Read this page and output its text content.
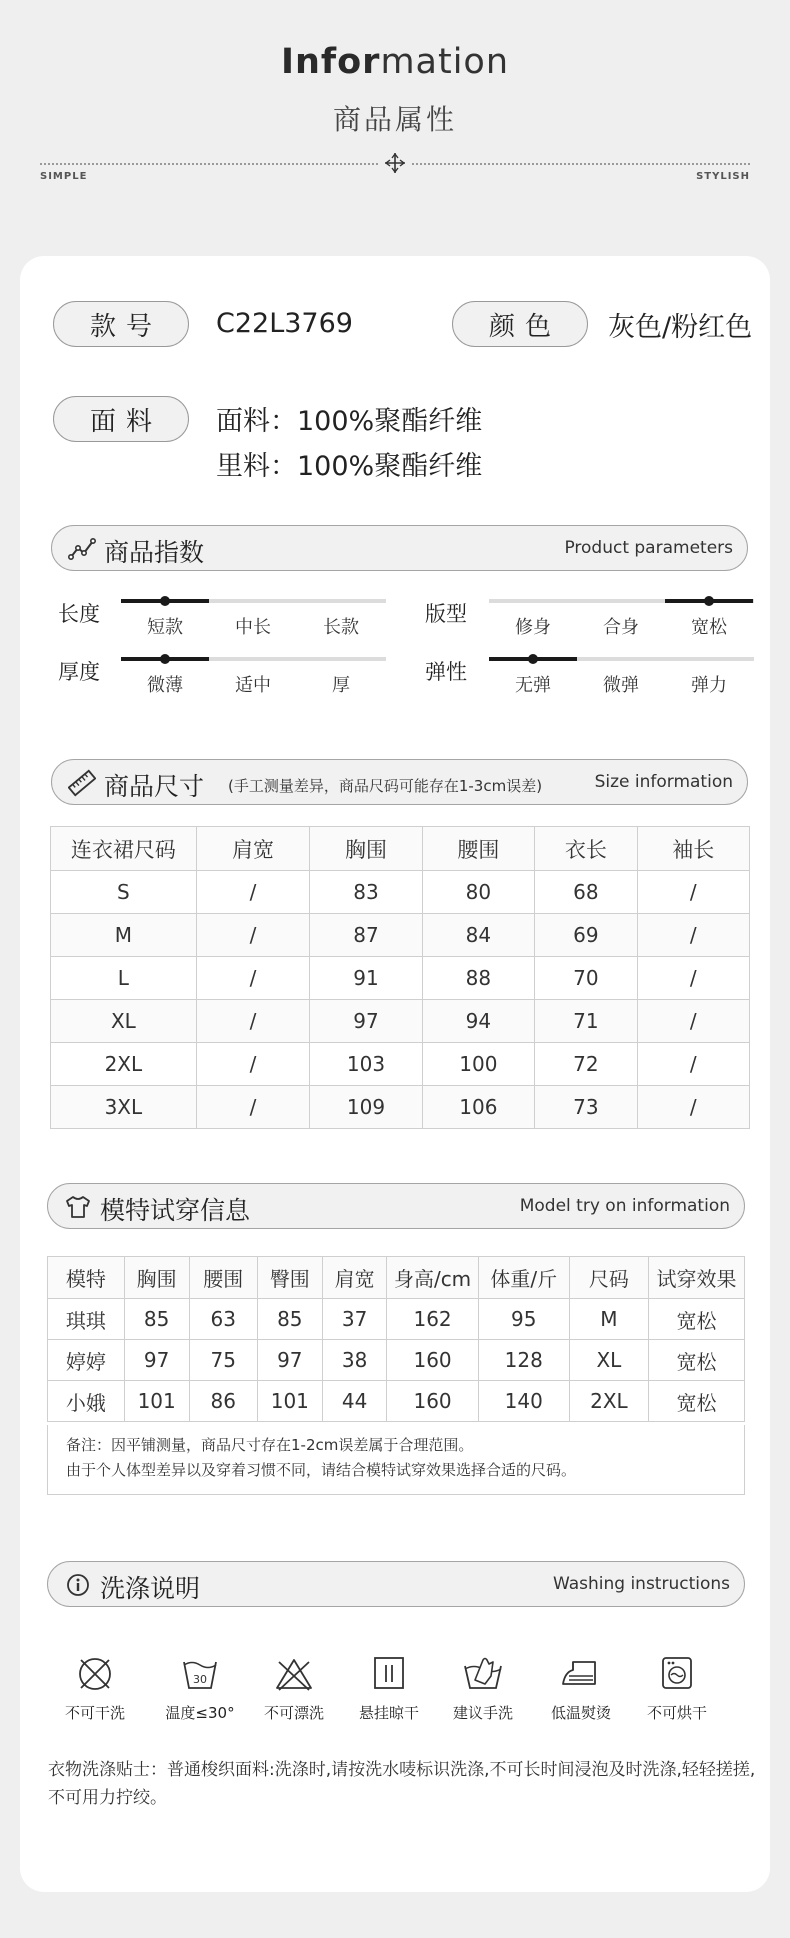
Information
商品属性
SIMPLE	STYLISH
款号	C22L3769	颜色	灰色/粉红色
面料	面料：100%聚酯纤维
里料：100%聚酯纤维
商品指数	Product parameters
长度
短款	中长	长款
版型
修身	合身	宽松
厚度
微薄	适中	厚
弹性
无弹	微弹	弹力
商品尺寸 (手工测量差异，商品尺码可能存在1-3cm误差)	Size information
连衣裙尺码	肩宽	胸围	腰围	衣长	袖长
S	/	83	80	68	/
M	/	87	84	69	/
L	/	91	88	70	/
XL	/	97	94	71	/
2XL	/	103	100	72	/
3XL	/	109	106	73	/
模特试穿信息	Model try on information
模特	胸围	腰围	臀围	肩宽	身高/cm	体重/斤	尺码	试穿效果
琪琪	85	63	85	37	162	95	M	宽松
婷婷	97	75	97	38	160	128	XL	宽松
小娥	101	86	101	44	160	140	2XL	宽松
备注：因平铺测量，商品尺寸存在1-2cm误差属于合理范围。
由于个人体型差异以及穿着习惯不同，请结合模特试穿效果选择合适的尺码。
洗涤说明	Washing instructions
不可干洗
30
温度≤30°	不可漂洗	悬挂晾干	建议手洗	低温熨烫	不可烘干
衣物洗涤贴士：普通梭织面料:洗涤时,请按洗水唛标识洗涤,不可长时间浸泡及时洗涤,轻轻搓搓,不可用力拧绞。
